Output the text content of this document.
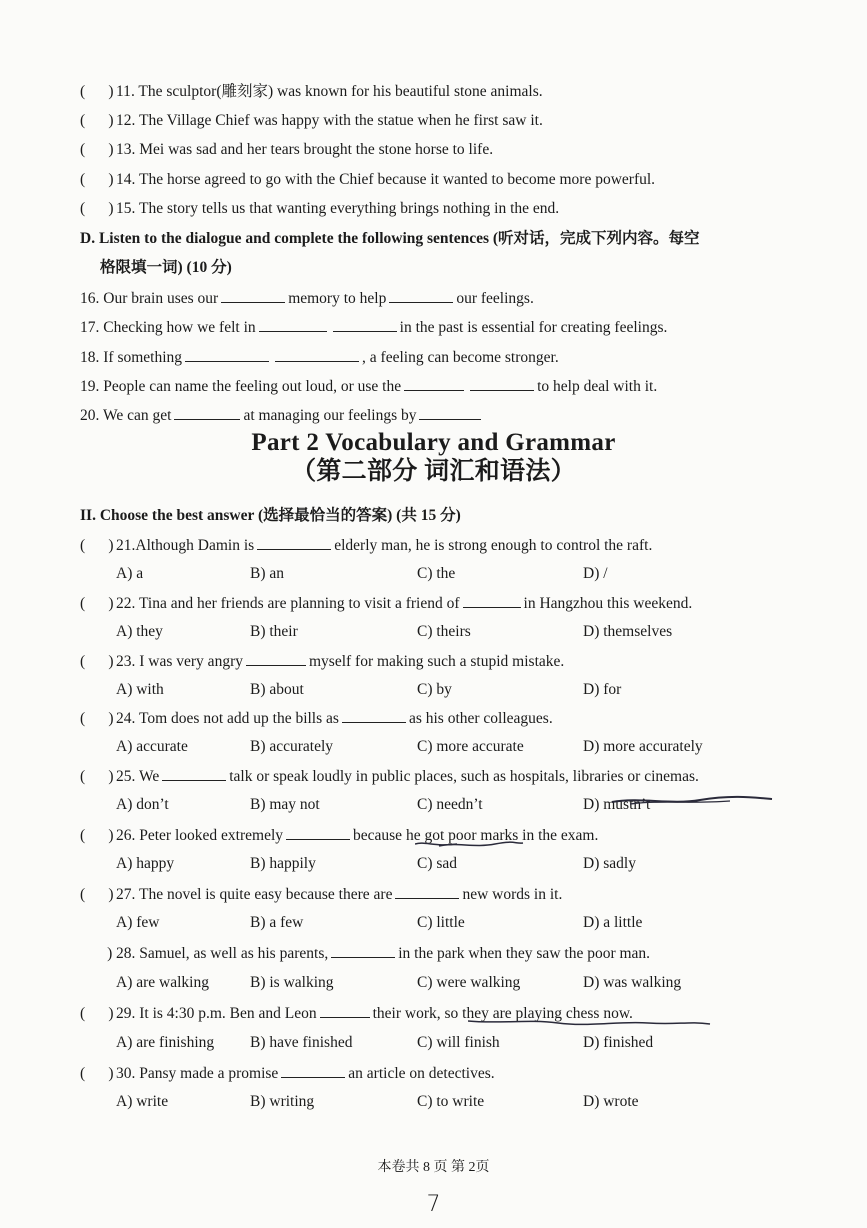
(      ) 11. The sculptor(雕刻家) was known for his beautiful stone animals.
(      ) 12. The Village Chief was happy with the statue when he first saw it.
(      ) 13. Mei was sad and her tears brought the stone horse to life.
(      ) 14. The horse agreed to go with the Chief because it wanted to become more powerful.
(      ) 15. The story tells us that wanting everything brings nothing in the end.
D. Listen to the dialogue and complete the following sentences (听对话，完成下列内容。每空
格限填一词) (10 分)
16. Our brain uses our	memory to help	our feelings.
17. Checking how we felt in	in the past is essential for creating feelings.
18. If something	, a feeling can become stronger.
19. People can name the feeling out loud, or use the	to help deal with it.
20. We can get	at managing our feelings by
Part 2 Vocabulary and Grammar
（第二部分 词汇和语法）
II. Choose the best answer (选择最恰当的答案) (共 15 分)
(      ) 21.Although Damin is	elderly man, he is strong enough to control the raft.
A) a	B) an	C) the	D) /
(      ) 22. Tina and her friends are planning to visit a friend of	in Hangzhou this weekend.
A) they	B) their	C) theirs	D) themselves
(      ) 23. I was very angry	myself for making such a stupid mistake.
A) with	B) about	C) by	D) for
(      ) 24. Tom does not add up the bills as	as his other colleagues.
A) accurate	B) accurately	C) more accurate	D) more accurately
(      ) 25. We	talk or speak loudly in public places, such as hospitals, libraries or cinemas.
A) don’t	B) may not	C) needn’t	D) mustn’t
(      ) 26. Peter looked extremely	because he got poor marks in the exam.
A) happy	B) happily	C) sad	D) sadly
(      ) 27. The novel is quite easy because there are	new words in it.
A) few	B) a few	C) little	D) a little
) 28. Samuel, as well as his parents,	in the park when they saw the poor man.
A) are walking	B) is walking	C) were walking	D) was walking
(      ) 29. It is 4:30 p.m. Ben and Leon	their work, so they are playing chess now.
A) are finishing B) have finished	C) will finish	D) finished
(      ) 30. Pansy made a promise	an article on detectives.
A) write	B) writing	C) to write	D) wrote
本卷共 8 页 第 2页
7
